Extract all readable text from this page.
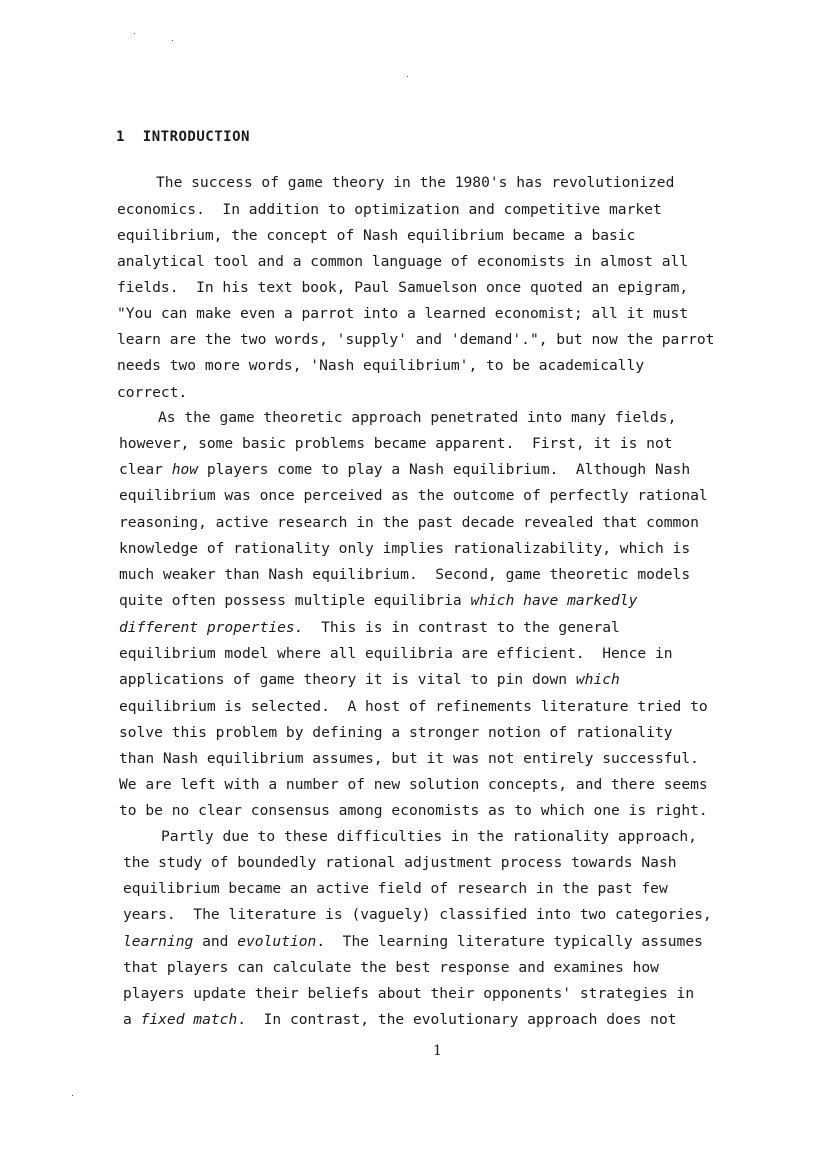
1  INTRODUCTION
The success of game theory in the 1980's has revolutionized
economics.  In addition to optimization and competitive market
equilibrium, the concept of Nash equilibrium became a basic
analytical tool and a common language of economists in almost all
fields.  In his text book, Paul Samuelson once quoted an epigram,
"You can make even a parrot into a learned economist; all it must
learn are the two words, 'supply' and 'demand'.", but now the parrot
needs two more words, 'Nash equilibrium', to be academically
correct.
As the game theoretic approach penetrated into many fields,
however, some basic problems became apparent.  First, it is not
clear how players come to play a Nash equilibrium.  Although Nash
equilibrium was once perceived as the outcome of perfectly rational
reasoning, active research in the past decade revealed that common
knowledge of rationality only implies rationalizability, which is
much weaker than Nash equilibrium.  Second, game theoretic models
quite often possess multiple equilibria which have markedly
different properties.  This is in contrast to the general
equilibrium model where all equilibria are efficient.  Hence in
applications of game theory it is vital to pin down which
equilibrium is selected.  A host of refinements literature tried to
solve this problem by defining a stronger notion of rationality
than Nash equilibrium assumes, but it was not entirely successful.
We are left with a number of new solution concepts, and there seems
to be no clear consensus among economists as to which one is right.
Partly due to these difficulties in the rationality approach,
the study of boundedly rational adjustment process towards Nash
equilibrium became an active field of research in the past few
years.  The literature is (vaguely) classified into two categories,
learning and evolution.  The learning literature typically assumes
that players can calculate the best response and examines how
players update their beliefs about their opponents' strategies in
a fixed match.  In contrast, the evolutionary approach does not
1
